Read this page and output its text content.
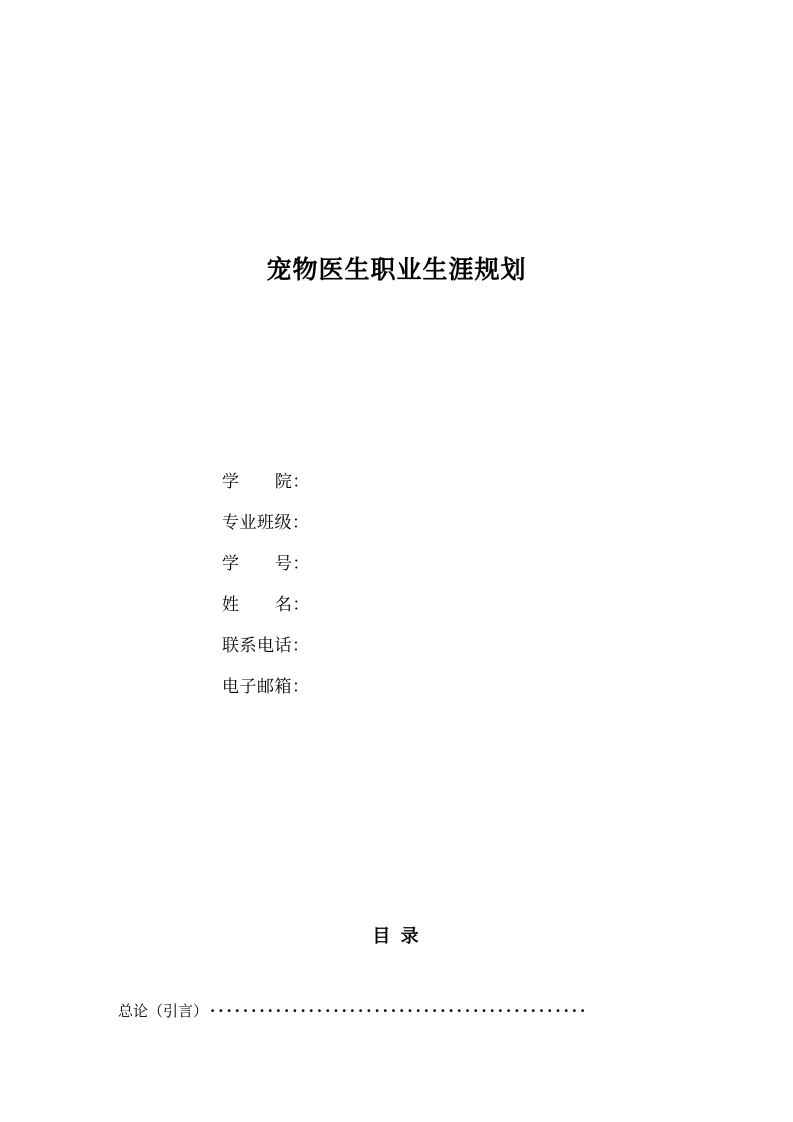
宠物医生职业生涯规划
学      院：
专业班级：
学      号：
姓      名：
联系电话：
电子邮箱：
目 录
总论（引言） ··············································
